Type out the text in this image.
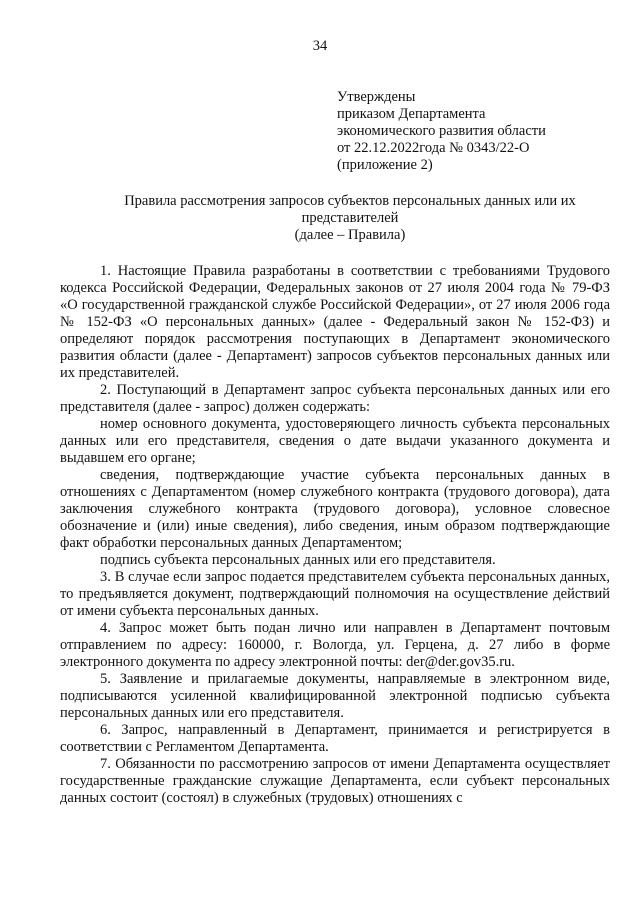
34
Утверждены
приказом Департамента
экономического развития области
от 22.12.2022года № 0343/22-О
(приложение 2)
Правила рассмотрения запросов субъектов персональных данных или их
представителей
(далее – Правила)

1. Настоящие Правила разработаны в соответствии с требованиями Трудового кодекса Российской Федерации, Федеральных законов от 27 июля 2004 года № 79-ФЗ «О государственной гражданской службе Российской Федерации», от 27 июля 2006 года № 152-ФЗ «О персональных данных» (далее - Федеральный закон № 152-ФЗ) и определяют порядок рассмотрения поступающих в Департамент экономического развития области (далее - Департамент) запросов субъектов персональных данных или их представителей.

2. Поступающий в Департамент запрос субъекта персональных данных или его представителя (далее - запрос) должен содержать:

номер основного документа, удостоверяющего личность субъекта персональных данных или его представителя, сведения о дате выдачи указанного документа и выдавшем его органе;

сведения, подтверждающие участие субъекта персональных данных в отношениях с Департаментом (номер служебного контракта (трудового договора), дата заключения служебного контракта (трудового договора), условное словесное обозначение и (или) иные сведения), либо сведения, иным образом подтверждающие факт обработки персональных данных Департаментом;

подпись субъекта персональных данных или его представителя.

3. В случае если запрос подается представителем субъекта персональных данных, то предъявляется документ, подтверждающий полномочия на осуществление действий от имени субъекта персональных данных.

4. Запрос может быть подан лично или направлен в Департамент почтовым отправлением по адресу: 160000, г. Вологда, ул. Герцена, д. 27 либо в форме электронного документа по адресу электронной почты: der@der.gov35.ru.

5. Заявление и прилагаемые документы, направляемые в электронном виде, подписываются усиленной квалифицированной электронной подписью субъекта персональных данных или его представителя.

6. Запрос, направленный в Департамент, принимается и регистрируется в соответствии с Регламентом Департамента.

7. Обязанности по рассмотрению запросов от имени Департамента осуществляет государственные гражданские служащие Департамента, если субъект персональных данных состоит (состоял) в служебных (трудовых) отношениях с
